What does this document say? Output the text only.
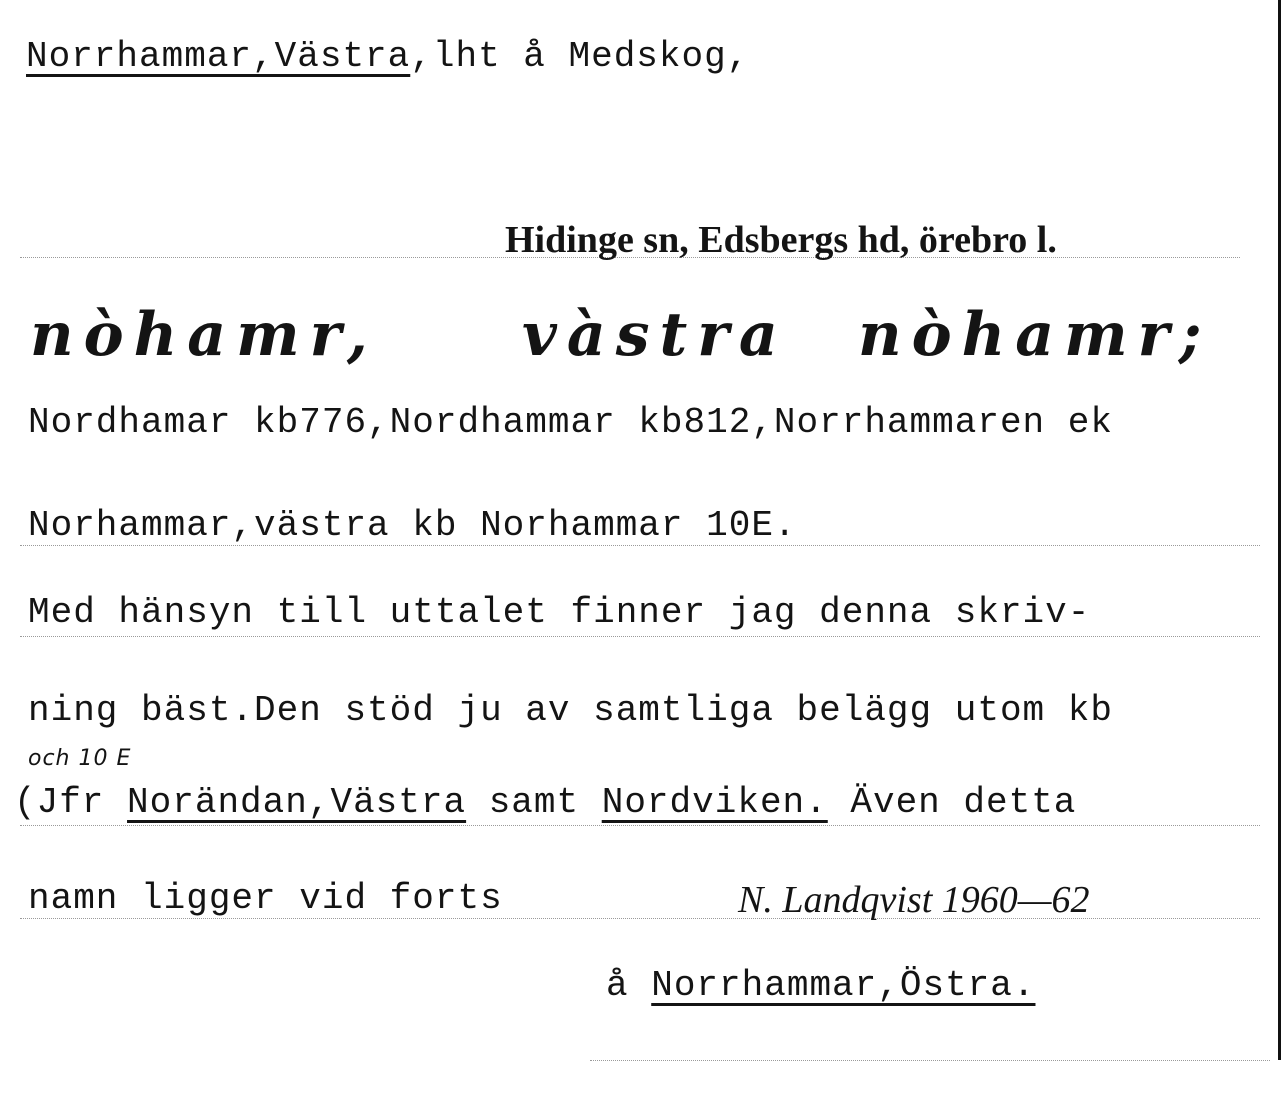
Norrhammar,Västra,lht å Medskog,
Hidinge sn, Edsbergs hd, örebro l.
nòhamr, vàstra nòhamr;
Nordhamar kb776,Nordhammar kb812,Norrhammaren ek
Norhammar,västra kb Norhammar 10E.
Med hänsyn till uttalet finner jag denna skriv-
ning bäst.Den stöd ju av samtliga belägg utom kb
och 10 E
(Jfr Norändan,Västra samt Nordviken. Även detta
namn ligger vid forts	N. Landqvist 1960—62
å Norrhammar,Östra.
